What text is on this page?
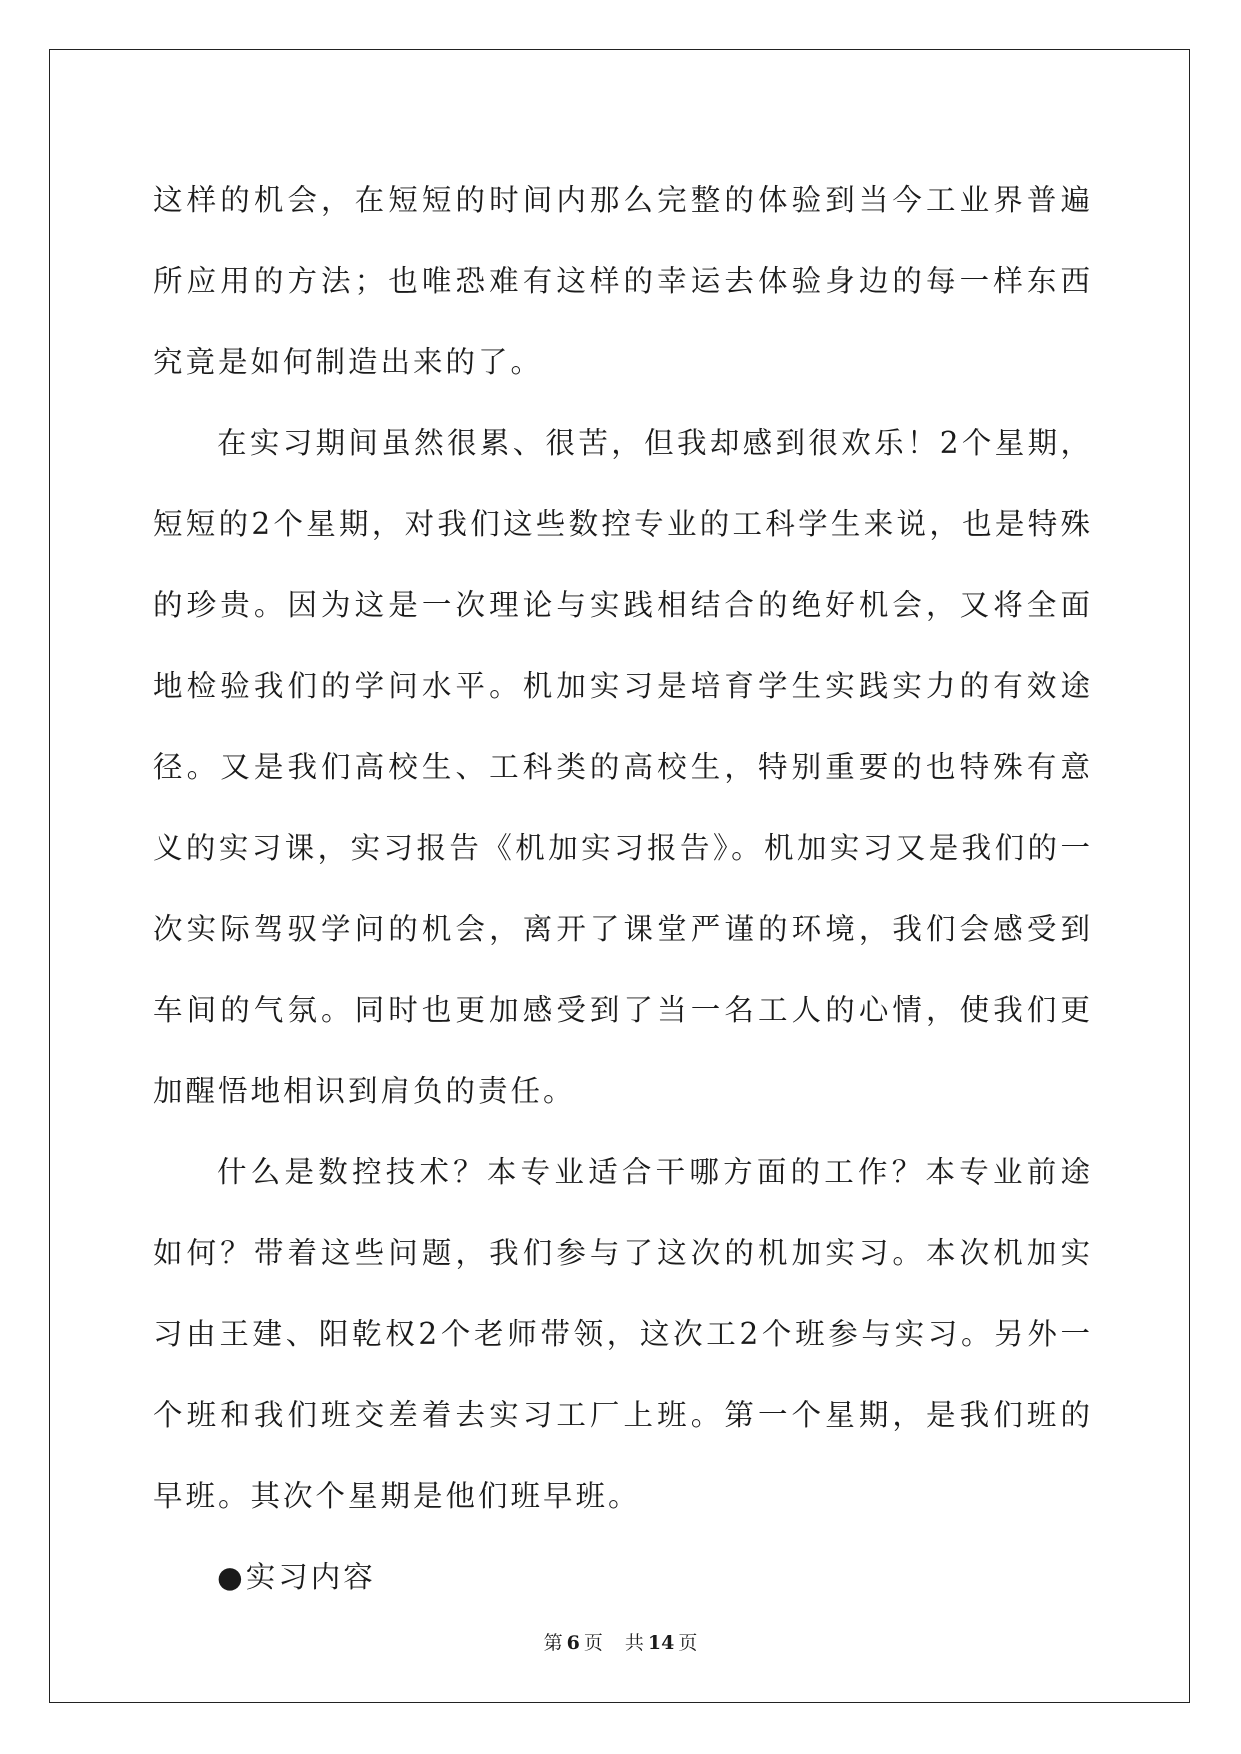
这样的机会，在短短的时间内那么完整的体验到当今工业界普遍所应用的方法；也唯恐难有这样的幸运去体验身边的每一样东西究竟是如何制造出来的了。

在实习期间虽然很累、很苦，但我却感到很欢乐！2个星期，短短的2个星期，对我们这些数控专业的工科学生来说，也是特殊的珍贵。因为这是一次理论与实践相结合的绝好机会，又将全面地检验我们的学问水平。机加实习是培育学生实践实力的有效途径。又是我们高校生、工科类的高校生，特别重要的也特殊有意义的实习课，实习报告《机加实习报告》。机加实习又是我们的一次实际驾驭学问的机会，离开了课堂严谨的环境，我们会感受到车间的气氛。同时也更加感受到了当一名工人的心情，使我们更加醒悟地相识到肩负的责任。

什么是数控技术？本专业适合干哪方面的工作？本专业前途如何？带着这些问题，我们参与了这次的机加实习。本次机加实习由王建、阳乾权2个老师带领，这次工2个班参与实习。另外一个班和我们班交差着去实习工厂上班。第一个星期，是我们班的早班。其次个星期是他们班早班。

●实习内容

第 6 页 共 14 页
